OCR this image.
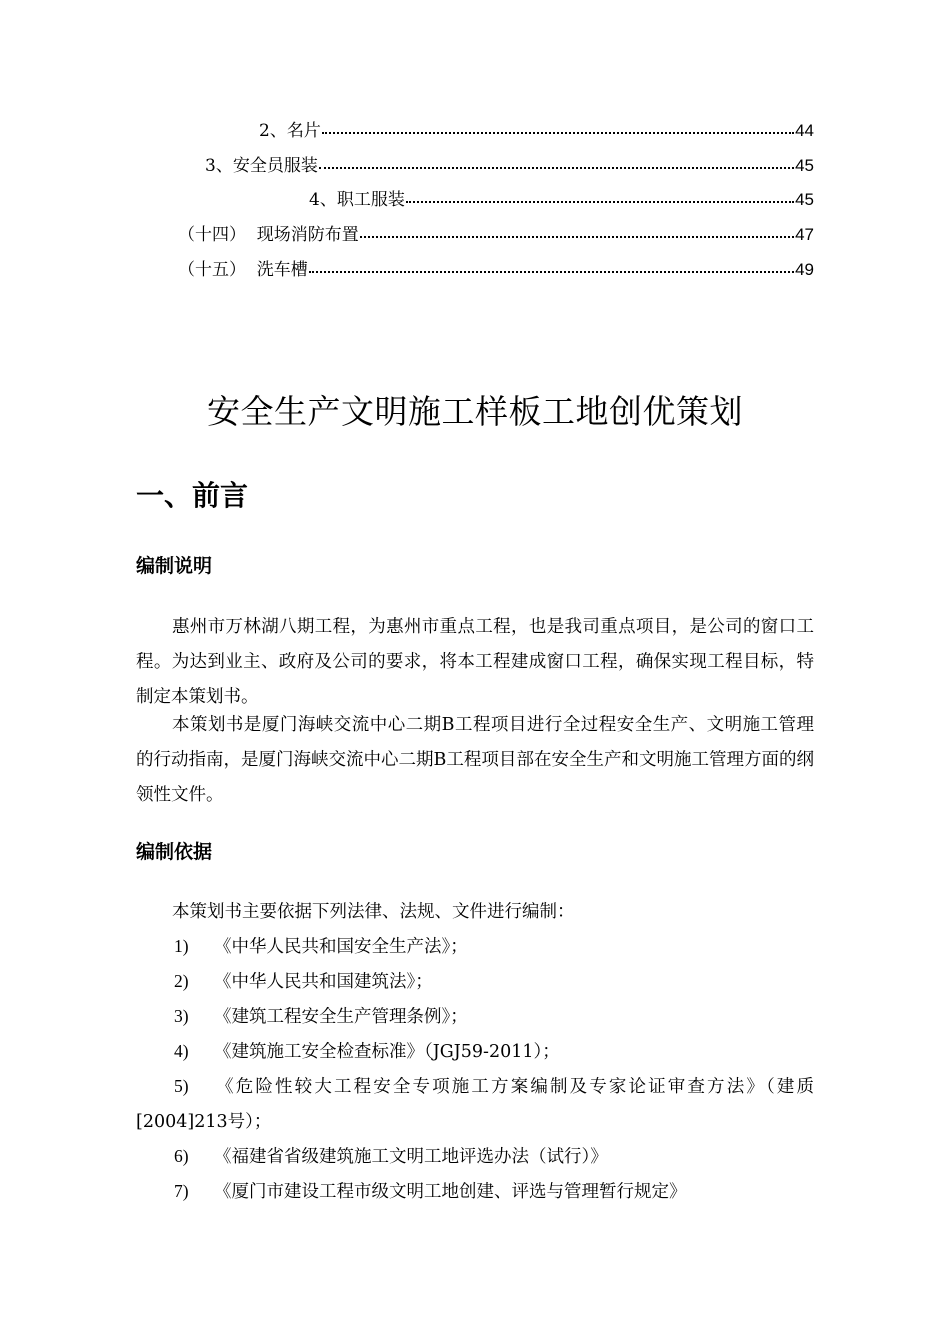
2、名片	44
3、安全员服装	45
4、职工服装	45
（十四）  现场消防布置	47
（十五）  洗车槽	49
安全生产文明施工样板工地创优策划
一、前言
编制说明

惠州市万林湖八期工程，为惠州市重点工程，也是我司重点项目，是公司的窗口工程。为达到业主、政府及公司的要求，将本工程建成窗口工程，确保实现工程目标，特制定本策划书。

本策划书是厦门海峡交流中心二期B工程项目进行全过程安全生产、文明施工管理的行动指南，是厦门海峡交流中心二期B工程项目部在安全生产和文明施工管理方面的纲领性文件。

编制依据

本策划书主要依据下列法律、法规、文件进行编制：

1) 《中华人民共和国安全生产法》；

2) 《中华人民共和国建筑法》；

3) 《建筑工程安全生产管理条例》；

4) 《建筑施工安全检查标准》（JGJ59-2011）；

5) 《危险性较大工程安全专项施工方案编制及专家论证审查方法》（建质[2004]213号）；

6) 《福建省省级建筑施工文明工地评选办法（试行）》

7) 《厦门市建设工程市级文明工地创建、评选与管理暂行规定》
